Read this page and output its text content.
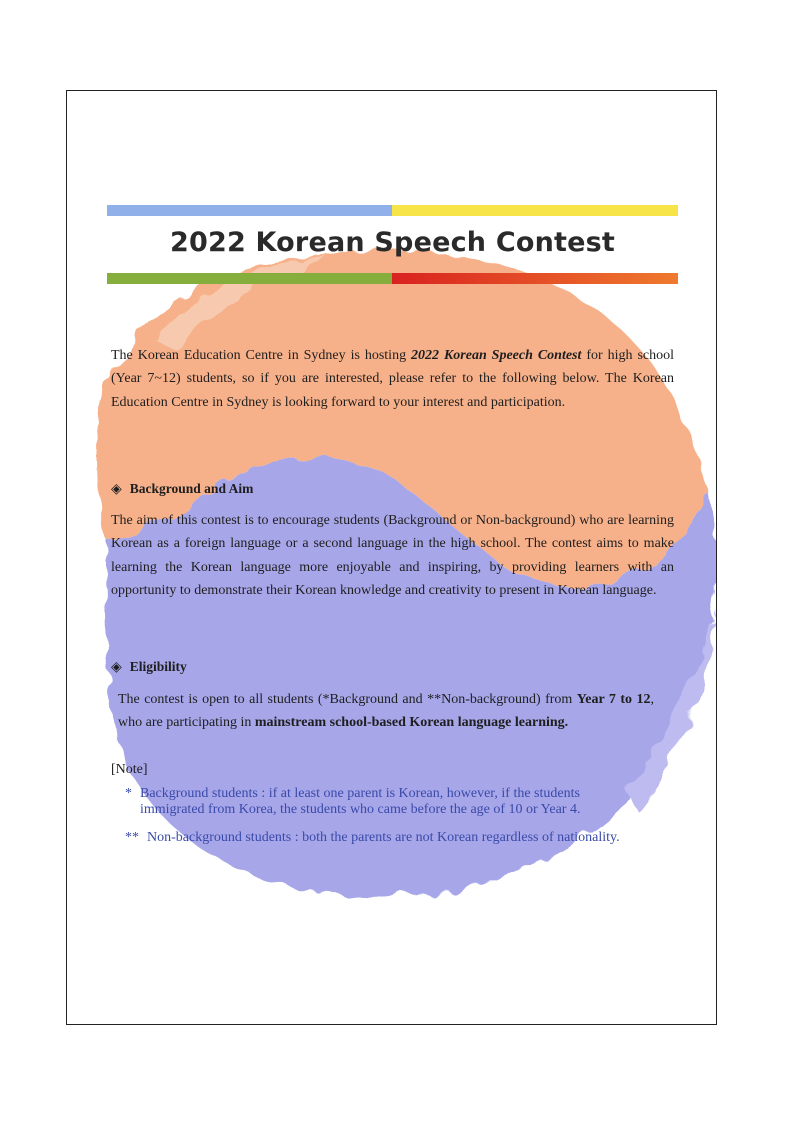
2022 Korean Speech Contest
The Korean Education Centre in Sydney is hosting 2022 Korean Speech Contest for high school (Year 7~12) students, so if you are interested, please refer to the following below. The Korean Education Centre in Sydney is looking forward to your interest and participation.
◈ Background and Aim
The aim of this contest is to encourage students (Background or Non-background) who are learning Korean as a foreign language or a second language in the high school. The contest aims to make learning the Korean language more enjoyable and inspiring, by providing learners with an opportunity to demonstrate their Korean knowledge and creativity to present in Korean language.
◈ Eligibility
The contest is open to all students (*Background and **Non-background) from Year 7 to 12, who are participating in mainstream school-based Korean language learning.
[Note]
* Background students : if at least one parent is Korean, however, if the students
immigrated from Korea, the students who came before the age of 10 or Year 4.
** Non-background students : both the parents are not Korean regardless of nationality.
